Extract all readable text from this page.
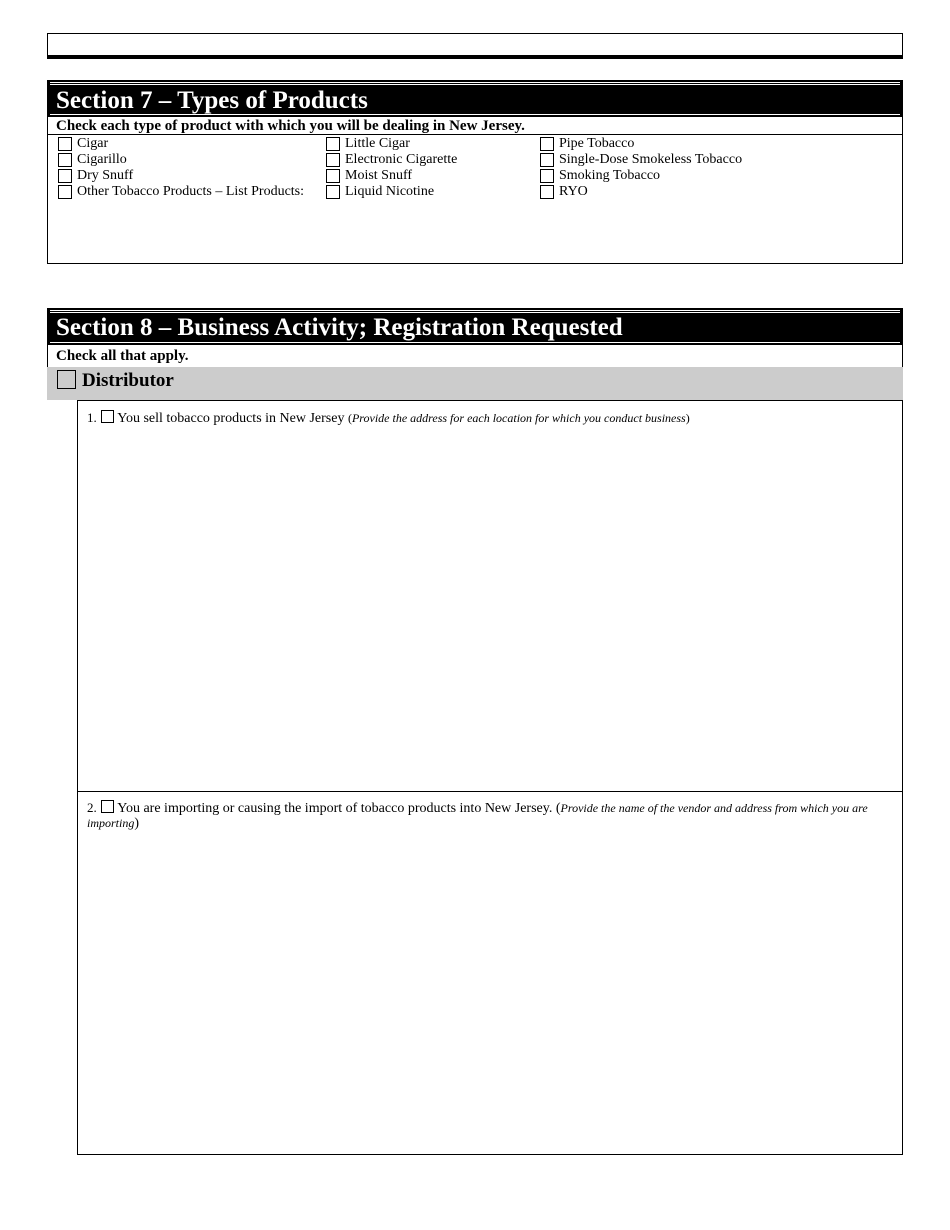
Section 7 – Types of Products
Check each type of product with which you will be dealing in New Jersey.
Cigar
Cigarillo
Dry Snuff
Other Tobacco Products – List Products:
Little Cigar
Electronic Cigarette
Moist Snuff
Liquid Nicotine
Pipe Tobacco
Single-Dose Smokeless Tobacco
Smoking Tobacco
RYO
Section 8 – Business Activity; Registration Requested
Check all that apply.
Distributor
1. You sell tobacco products in New Jersey (Provide the address for each location for which you conduct business)
2. You are importing or causing the import of tobacco products into New Jersey. (Provide the name of the vendor and address from which you are importing)
